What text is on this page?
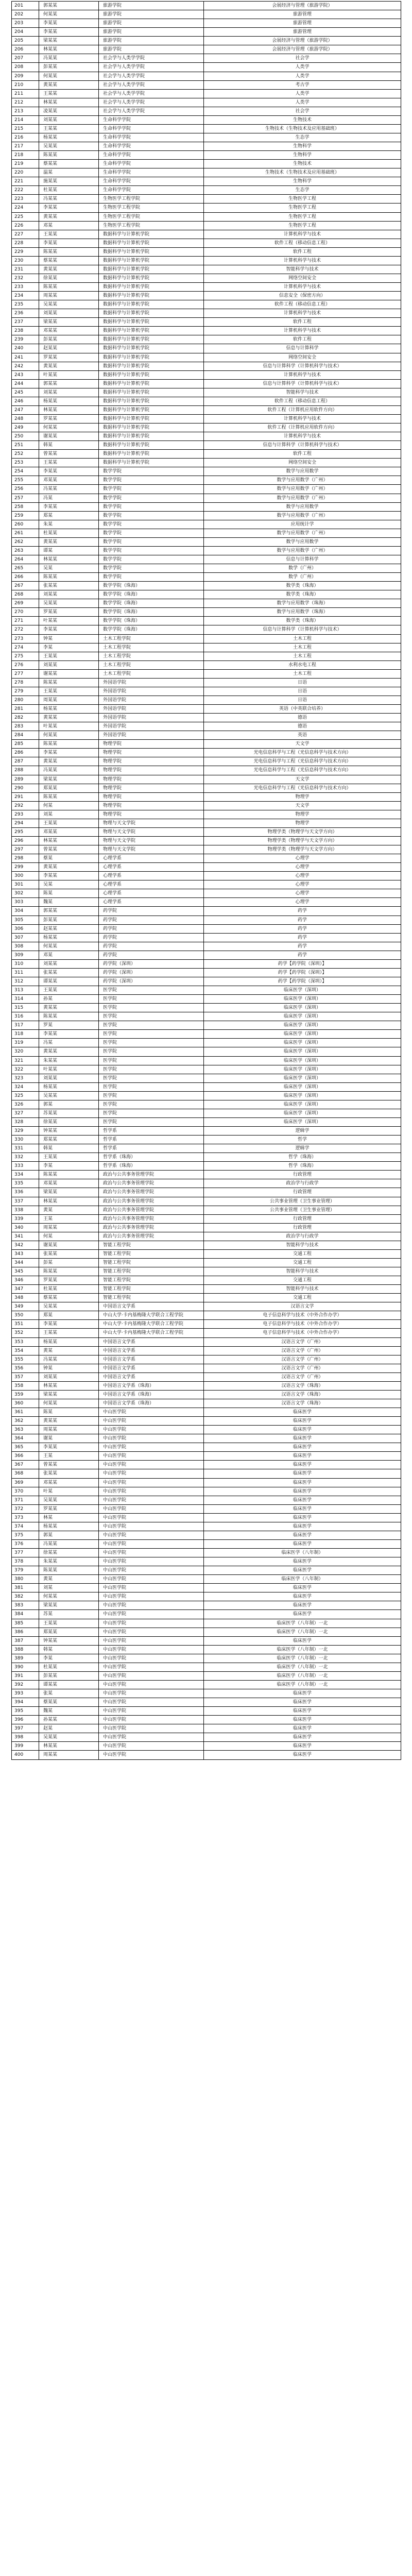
201	郭某某	旅游学院	会展经济与管理（旅游学院）
202	何某某	旅游学院	旅游管理
203	李某某	旅游学院	旅游管理
204	李某某	旅游学院	旅游管理
205	梁某某	旅游学院	会展经济与管理（旅游学院）
206	林某某	旅游学院	会展经济与管理（旅游学院）
207	冯某某	社会学与人类学学院	社会学
208	彭某某	社会学与人类学学院	人类学
209	何某某	社会学与人类学学院	人类学
210	黄某某	社会学与人类学学院	考古学
211	王某某	社会学与人类学学院	人类学
212	林某某	社会学与人类学学院	人类学
213	凌某某	社会学与人类学学院	社会学
214	刘某某	生命科学学院	生物技术
215	王某某	生命科学学院	生物技术（生物技术及应用基础班）
216	杨某某	生命科学学院	生态学
217	吴某某	生命科学学院	生物科学
218	陈某某	生命科学学院	生物科学
219	蔡某某	生命科学学院	生物技术
220	温某	生命科学学院	生物技术（生物技术及应用基础班）
221	施某某	生命科学学院	生物科学
222	杜某某	生命科学学院	生态学
223	冯某某	生物医学工程学院	生物医学工程
224	李某某	生物医学工程学院	生物医学工程
225	黄某某	生物医学工程学院	生物医学工程
226	邓某	生物医学工程学院	生物医学工程
227	王某某	数据科学与计算机学院	计算机科学与技术
228	李某某	数据科学与计算机学院	软件工程（移动信息工程）
229	陈某某	数据科学与计算机学院	软件工程
230	蔡某某	数据科学与计算机学院	计算机科学与技术
231	黄某某	数据科学与计算机学院	智能科学与技术
232	徐某某	数据科学与计算机学院	网络空间安全
233	陈某某	数据科学与计算机学院	计算机科学与技术
234	周某某	数据科学与计算机学院	信息安全（保密方向）
235	吴某某	数据科学与计算机学院	软件工程（移动信息工程）
236	刘某某	数据科学与计算机学院	计算机科学与技术
237	梁某某	数据科学与计算机学院	软件工程
238	邓某某	数据科学与计算机学院	计算机科学与技术
239	彭某某	数据科学与计算机学院	软件工程
240	赵某某	数据科学与计算机学院	信息与计算科学
241	罗某某	数据科学与计算机学院	网络空间安全
242	黄某某	数据科学与计算机学院	信息与计算科学（计算机科学与技术）
243	叶某某	数据科学与计算机学院	计算机科学与技术
244	郭某某	数据科学与计算机学院	信息与计算科学（计算机科学与技术）
245	刘某某	数据科学与计算机学院	智能科学与技术
246	杨某某	数据科学与计算机学院	软件工程（移动信息工程）
247	林某某	数据科学与计算机学院	软件工程（计算机应用软件方向）
248	罗某某	数据科学与计算机学院	计算机科学与技术
249	何某某	数据科学与计算机学院	软件工程（计算机应用软件方向）
250	谢某某	数据科学与计算机学院	计算机科学与技术
251	韩某	数据科学与计算机学院	信息与计算科学（计算机科学与技术）
252	曾某某	数据科学与计算机学院	软件工程
253	王某某	数据科学与计算机学院	网络空间安全
254	李某某	数学学院	数学与应用数学
255	邓某某	数学学院	数学与应用数学（广州）
256	冯某某	数学学院	数学与应用数学（广州）
257	冯某	数学学院	数学与应用数学（广州）
258	李某某	数学学院	数学与应用数学
259	郑某	数学学院	数学与应用数学（广州）
260	朱某	数学学院	应用统计学
261	杜某某	数学学院	数学与应用数学（广州）
262	黄某某	数学学院	数学与应用数学
263	谭某	数学学院	数学与应用数学（广州）
264	林某某	数学学院	信息与计算科学
265	吴某	数学学院	数学（广州）
266	陈某某	数学学院	数学（广州）
267	张某某	数学学院（珠海）	数学类（珠海）
268	刘某某	数学学院（珠海）	数学类（珠海）
269	吴某某	数学学院（珠海）	数学与应用数学（珠海）
270	罗某某	数学学院（珠海）	数学与应用数学（珠海）
271	叶某某	数学学院（珠海）	数学类（珠海）
272	李某某	数学学院（珠海）	信息与计算科学（计算机科学与技术）
273	钟某	土木工程学院	土木工程
274	李某	土木工程学院	土木工程
275	王某某	土木工程学院	土木工程
276	刘某某	土木工程学院	水利水电工程
277	谢某某	土木工程学院	土木工程
278	陈某某	外国语学院	日语
279	王某某	外国语学院	日语
280	周某某	外国语学院	日语
281	杨某某	外国语学院	英语（中英联合培养）
282	黄某某	外国语学院	德语
283	叶某某	外国语学院	德语
284	何某某	外国语学院	英语
285	陈某某	物理学院	天文学
286	李某某	物理学院	光电信息科学与工程（光信息科学与技术方向）
287	黄某某	物理学院	光电信息科学与工程（光信息科学与技术方向）
288	冯某某	物理学院	光电信息科学与工程（光信息科学与技术方向）
289	梁某某	物理学院	天文学
290	郑某某	物理学院	光电信息科学与工程（光信息科学与技术方向）
291	陈某某	物理学院	物理学
292	何某	物理学院	天文学
293	刘某	物理学院	物理学
294	王某某	物理与天文学院	物理学
295	邓某某	物理与天文学院	物理学类（物理学与天文学方向）
296	林某某	物理与天文学院	物理学类（物理学与天文学方向）
297	曾某某	物理与天文学院	物理学类（物理学与天文学方向）
298	蔡某	心理学系	心理学
299	黄某某	心理学系	心理学
300	李某某	心理学系	心理学
301	吴某	心理学系	心理学
302	陈某	心理学系	心理学
303	魏某	心理学系	心理学
304	郭某某	药学院	药学
305	彭某某	药学院	药学
306	赵某某	药学院	药学
307	杨某某	药学院	药学
308	何某某	药学院	药学
309	邓某	药学院	药学
310	刘某某	药学院（深圳）	药学【药学院（深圳）】
311	张某某	药学院（深圳）	药学【药学院（深圳）】
312	谭某某	药学院（深圳）	药学【药学院（深圳）】
313	王某某	医学院	临床医学（深圳）
314	孙某	医学院	临床医学（深圳）
315	黄某某	医学院	临床医学（深圳）
316	陈某某	医学院	临床医学（深圳）
317	罗某	医学院	临床医学（深圳）
318	李某某	医学院	临床医学（深圳）
319	冯某	医学院	临床医学（深圳）
320	黄某某	医学院	临床医学（深圳）
321	朱某某	医学院	临床医学（深圳）
322	叶某某	医学院	临床医学（深圳）
323	刘某某	医学院	临床医学（深圳）
324	杨某某	医学院	临床医学（深圳）
325	吴某某	医学院	临床医学（深圳）
326	郭某	医学院	临床医学（深圳）
327	苏某某	医学院	临床医学（深圳）
328	徐某某	医学院	临床医学（深圳）
329	钟某某	哲学系	逻辑学
330	郑某某	哲学系	哲学
331	韩某	哲学系	逻辑学
332	王某某	哲学系（珠海）	哲学（珠海）
333	李某	哲学系（珠海）	哲学（珠海）
334	陈某某	政治与公共事务管理学院	行政管理
335	邓某某	政治与公共事务管理学院	政治学与行政学
336	梁某某	政治与公共事务管理学院	行政管理
337	林某某	政治与公共事务管理学院	公共事业管理（卫生事业管理）
338	黄某	政治与公共事务管理学院	公共事业管理（卫生事业管理）
339	王某	政治与公共事务管理学院	行政管理
340	周某某	政治与公共事务管理学院	行政管理
341	何某	政治与公共事务管理学院	政治学与行政学
342	谢某某	智能工程学院	智能科学与技术
343	张某某	智能工程学院	交通工程
344	彭某	智能工程学院	交通工程
345	陈某某	智能工程学院	智能科学与技术
346	罗某某	智能工程学院	交通工程
347	杜某某	智能工程学院	智能科学与技术
348	蔡某某	智能工程学院	交通工程
349	吴某某	中国语言文学系	汉语言文学
350	郑某	中山大学·卡内基梅隆大学联合工程学院	电子信息科学与技术（中外合作办学）
351	李某某	中山大学·卡内基梅隆大学联合工程学院	电子信息科学与技术（中外合作办学）
352	王某某	中山大学·卡内基梅隆大学联合工程学院	电子信息科学与技术（中外合作办学）
353	杨某某	中国语言文学系	汉语言文学（广州）
354	黄某	中国语言文学系	汉语言文学（广州）
355	冯某某	中国语言文学系	汉语言文学（广州）
356	钟某	中国语言文学系	汉语言文学（广州）
357	刘某某	中国语言文学系	汉语言文学（广州）
358	林某某	中国语言文学系（珠海）	汉语言文学（珠海）
359	梁某某	中国语言文学系（珠海）	汉语言文学（珠海）
360	何某某	中国语言文学系（珠海）	汉语言文学（珠海）
361	陈某	中山医学院	临床医学
362	黄某某	中山医学院	临床医学
363	周某某	中山医学院	临床医学
364	谢某	中山医学院	临床医学
365	李某某	中山医学院	临床医学
366	王某	中山医学院	临床医学
367	曾某某	中山医学院	临床医学
368	张某某	中山医学院	临床医学
369	邓某某	中山医学院	临床医学
370	叶某	中山医学院	临床医学
371	吴某某	中山医学院	临床医学
372	罗某某	中山医学院	临床医学
373	林某	中山医学院	临床医学
374	杨某某	中山医学院	临床医学
375	郭某	中山医学院	临床医学
376	冯某某	中山医学院	临床医学
377	徐某某	中山医学院	临床医学（八年制）
378	朱某某	中山医学院	临床医学
379	陈某某	中山医学院	临床医学
380	黄某	中山医学院	临床医学（八年制）
381	刘某	中山医学院	临床医学
382	何某某	中山医学院	临床医学
383	梁某某	中山医学院	临床医学
384	苏某	中山医学院	临床医学
385	王某某	中山医学院	临床医学（八年制）一北
386	郑某某	中山医学院	临床医学（八年制）一北
387	钟某某	中山医学院	临床医学
388	韩某	中山医学院	临床医学（八年制）一北
389	李某	中山医学院	临床医学（八年制）一北
390	杜某某	中山医学院	临床医学（八年制）一北
391	彭某某	中山医学院	临床医学（八年制）一北
392	谭某某	中山医学院	临床医学（八年制）一北
393	张某	中山医学院	临床医学
394	蔡某某	中山医学院	临床医学
395	魏某	中山医学院	临床医学
396	孙某某	中山医学院	临床医学
397	赵某	中山医学院	临床医学
398	吴某某	中山医学院	临床医学
399	林某某	中山医学院	临床医学
400	周某某	中山医学院	临床医学
